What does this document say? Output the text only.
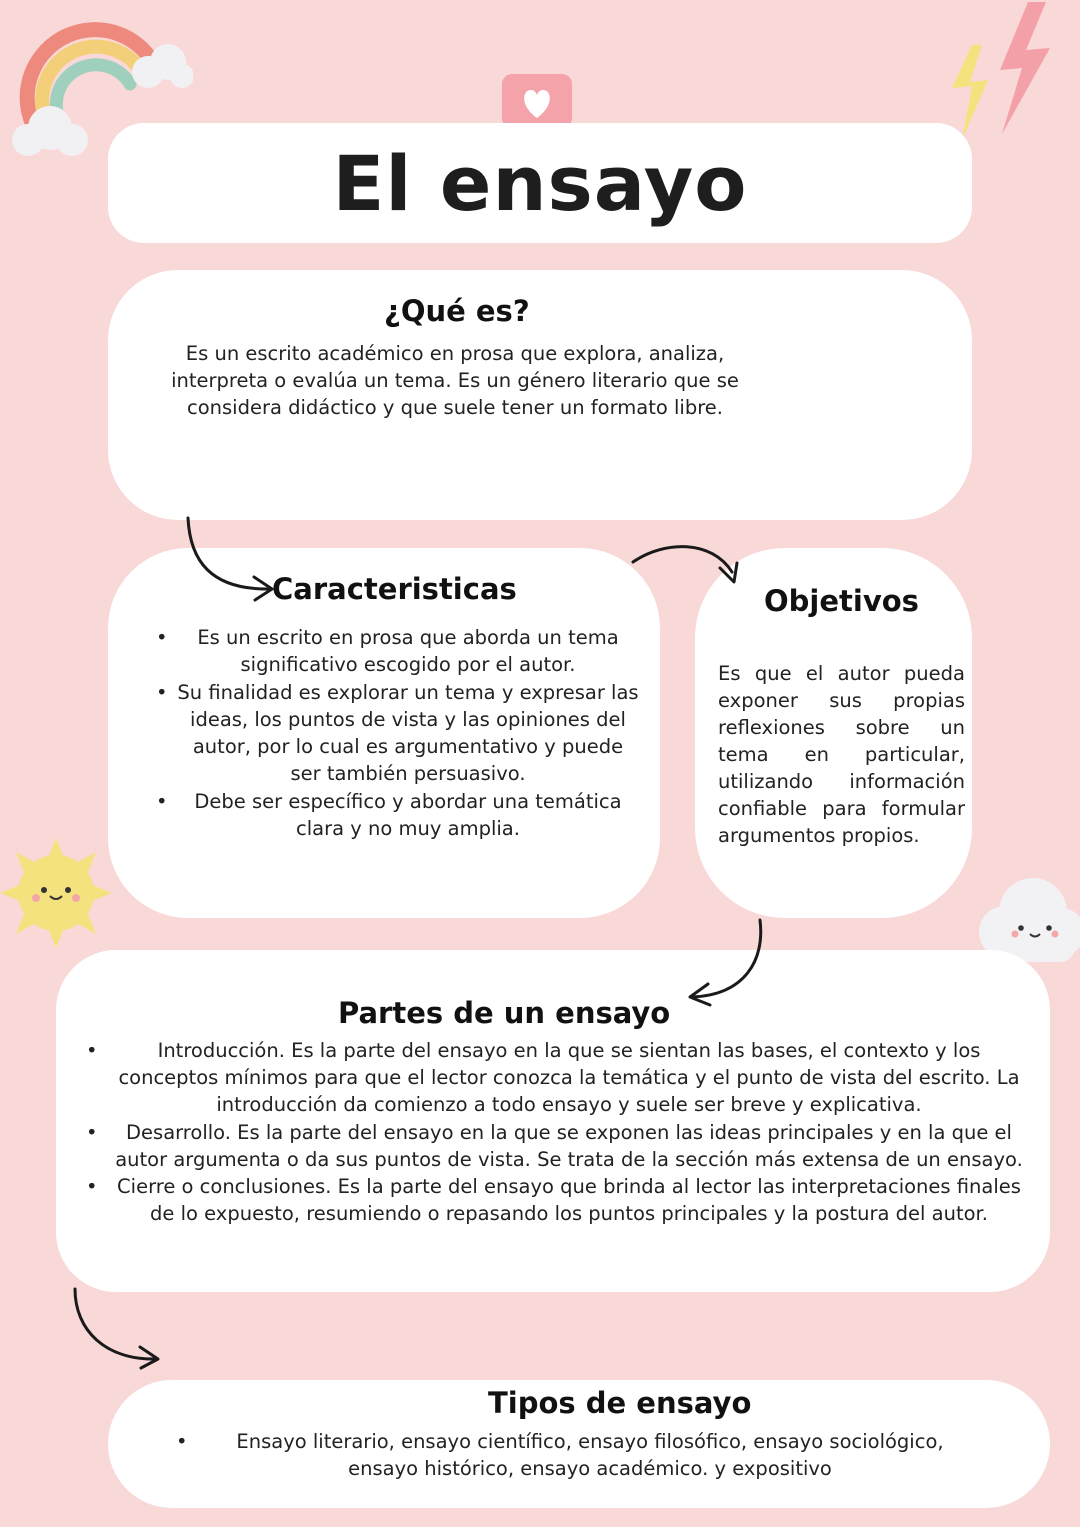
El ensayo
¿Qué es?

Es un escrito académico en prosa que explora, analiza, interpreta o evalúa un tema. Es un género literario que se considera didáctico y que suele tener un formato libre.

Caracteristicas
• Es un escrito en prosa que aborda un tema significativo escogido por el autor.
• Su finalidad es explorar un tema y expresar las ideas, los puntos de vista y las opiniones del autor, por lo cual es argumentativo y puede ser también persuasivo.
• Debe ser específico y abordar una temática clara y no muy amplia.
Objetivos

Es que el autor pueda exponer sus propias reflexiones sobre un tema en particular, utilizando información confiable para formular argumentos propios.

Partes de un ensayo
•	Introducción. Es la parte del ensayo en la que se sientan las bases, el contexto y los conceptos mínimos para que el lector conozca la temática y el punto de vista del escrito. La introducción da comienzo a todo ensayo y suele ser breve y explicativa.
• Desarrollo. Es la parte del ensayo en la que se exponen las ideas principales y en la que el autor argumenta o da sus puntos de vista. Se trata de la sección más extensa de un ensayo.
• Cierre o conclusiones. Es la parte del ensayo que brinda al lector las interpretaciones finales de lo expuesto, resumiendo o repasando los puntos principales y la postura del autor.
Tipos de ensayo
•	Ensayo literario, ensayo científico, ensayo filosófico, ensayo sociológico, ensayo histórico, ensayo académico. y expositivo
